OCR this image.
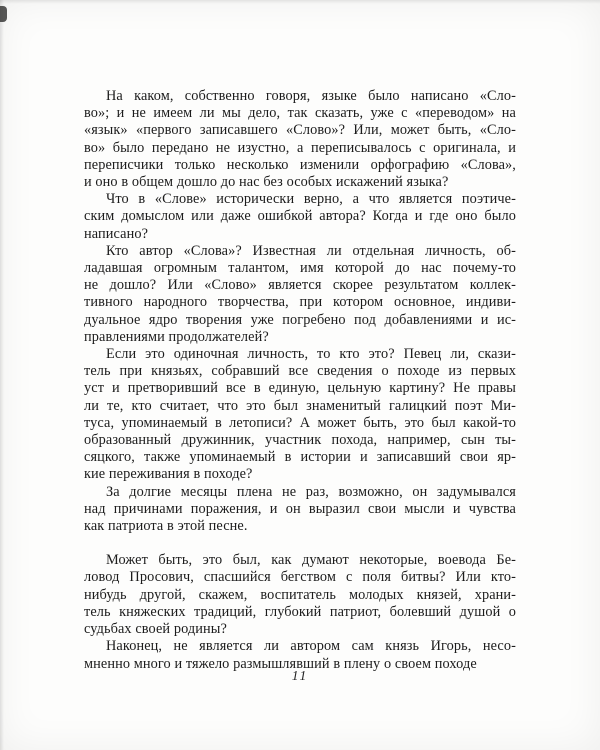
На каком, собственно говоря, языке было написано «Сло-
во»; и не имеем ли мы дело, так сказать, уже с «переводом» на
«язык» «первого записавшего «Слово»? Или, может быть, «Сло-
во» было передано не изустно, а переписывалось с оригинала, и
переписчики только несколько изменили орфографию «Слова»,
и оно в общем дошло до нас без особых искажений языка?
Что в «Слове» исторически верно, а что является поэтиче-
ским домыслом или даже ошибкой автора? Когда и где оно было
написано?
Кто автор «Слова»? Известная ли отдельная личность, об-
ладавшая огромным талантом, имя которой до нас почему-то
не дошло? Или «Слово» является скорее результатом коллек-
тивного народного творчества, при котором основное, индиви-
дуальное ядро творения уже погребено под добавлениями и ис-
правлениями продолжателей?
Если это одиночная личность, то кто это? Певец ли, скази-
тель при князьях, собравший все сведения о походе из первых
уст и претворивший все в единую, цельную картину? Не правы
ли те, кто считает, что это был знаменитый галицкий поэт Ми-
туса, упоминаемый в летописи? А может быть, это был какой-то
образованный дружинник, участник похода, например, сын ты-
сяцкого, также упоминаемый в истории и записавший свои яр-
кие переживания в походе?
За долгие месяцы плена не раз, возможно, он задумывался
над причинами поражения, и он выразил свои мысли и чувства
как патриота в этой песне.
Может быть, это был, как думают некоторые, воевода Бе-
ловод Просович, спасшийся бегством с поля битвы? Или кто-
нибудь другой, скажем, воспитатель молодых князей, храни-
тель княжеских традиций, глубокий патриот, болевший душой о
судьбах своей родины?
Наконец, не является ли автором сам князь Игорь, несо-
мненно много и тяжело размышлявший в плену о своем походе
11
